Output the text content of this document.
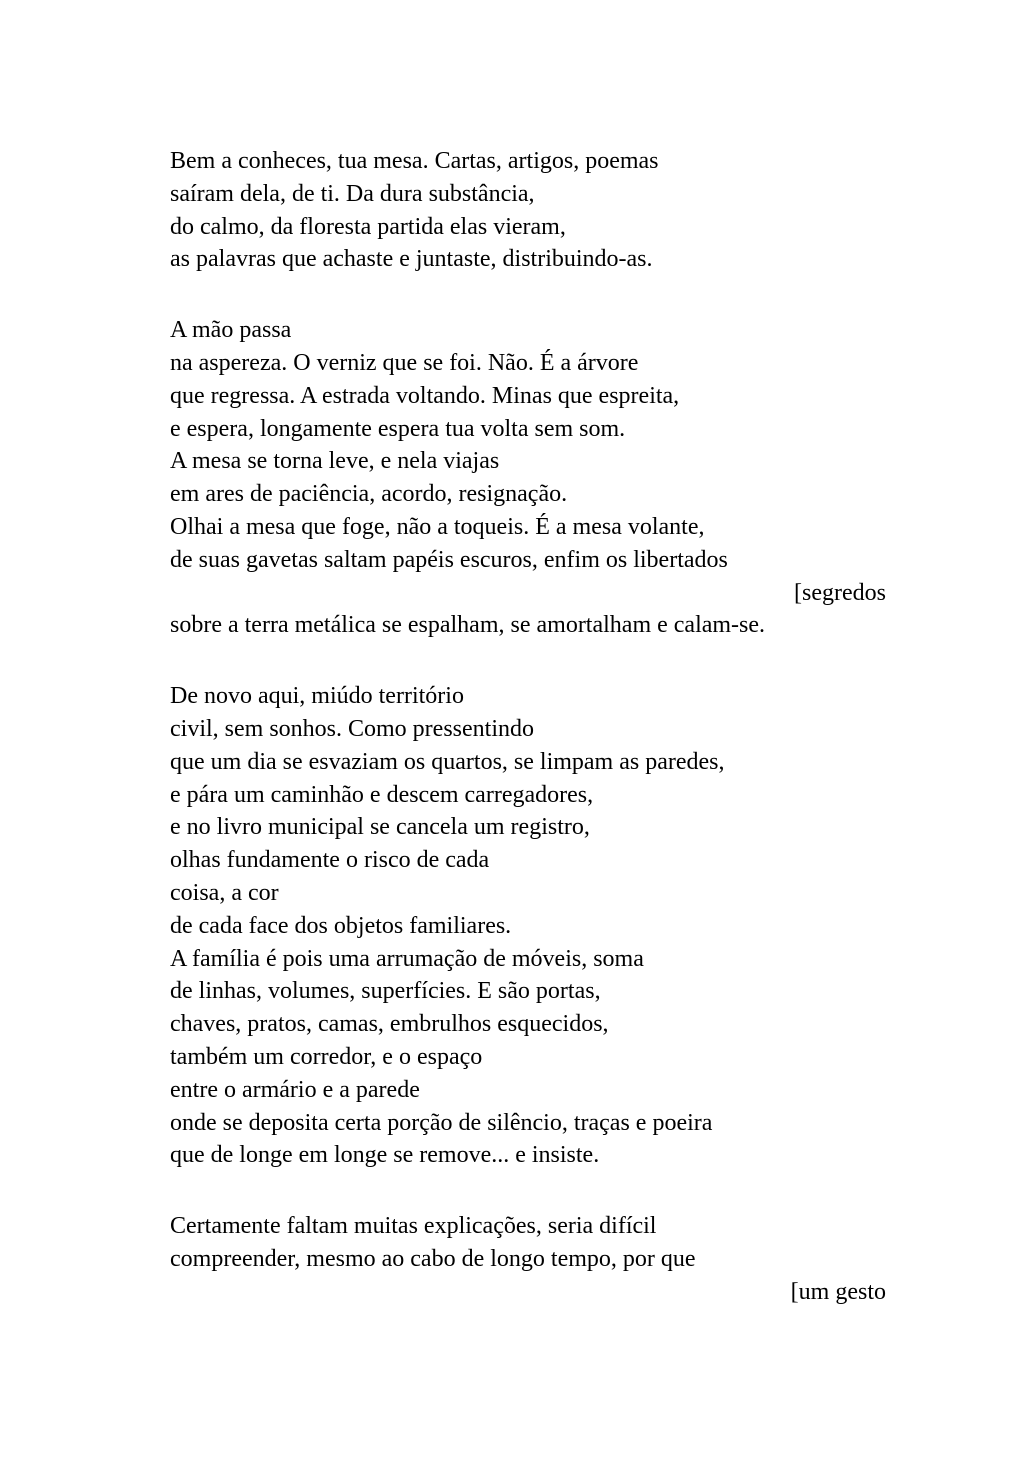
Bem a conheces, tua mesa. Cartas, artigos, poemas
saíram dela, de ti. Da dura substância,
do calmo, da floresta partida elas vieram,
as palavras que achaste e juntaste, distribuindo-as.
A mão passa
na aspereza. O verniz que se foi. Não. É a árvore
que regressa. A estrada voltando. Minas que espreita,
e espera, longamente espera tua volta sem som.
A mesa se torna leve, e nela viajas
em ares de paciência, acordo, resignação.
Olhai a mesa que foge, não a toqueis. É a mesa volante,
de suas gavetas saltam papéis escuros, enfim os libertados
[segredos
sobre a terra metálica se espalham, se amortalham e calam-se.
De novo aqui, miúdo território
civil, sem sonhos. Como pressentindo
que um dia se esvaziam os quartos, se limpam as paredes,
e pára um caminhão e descem carregadores,
e no livro municipal se cancela um registro,
olhas fundamente o risco de cada
coisa, a cor
de cada face dos objetos familiares.
A família é pois uma arrumação de móveis, soma
de linhas, volumes, superfícies. E são portas,
chaves, pratos, camas, embrulhos esquecidos,
também um corredor, e o espaço
entre o armário e a parede
onde se deposita certa porção de silêncio, traças e poeira
que de longe em longe se remove... e insiste.
Certamente faltam muitas explicações, seria difícil
compreender, mesmo ao cabo de longo tempo, por que
[um gesto
